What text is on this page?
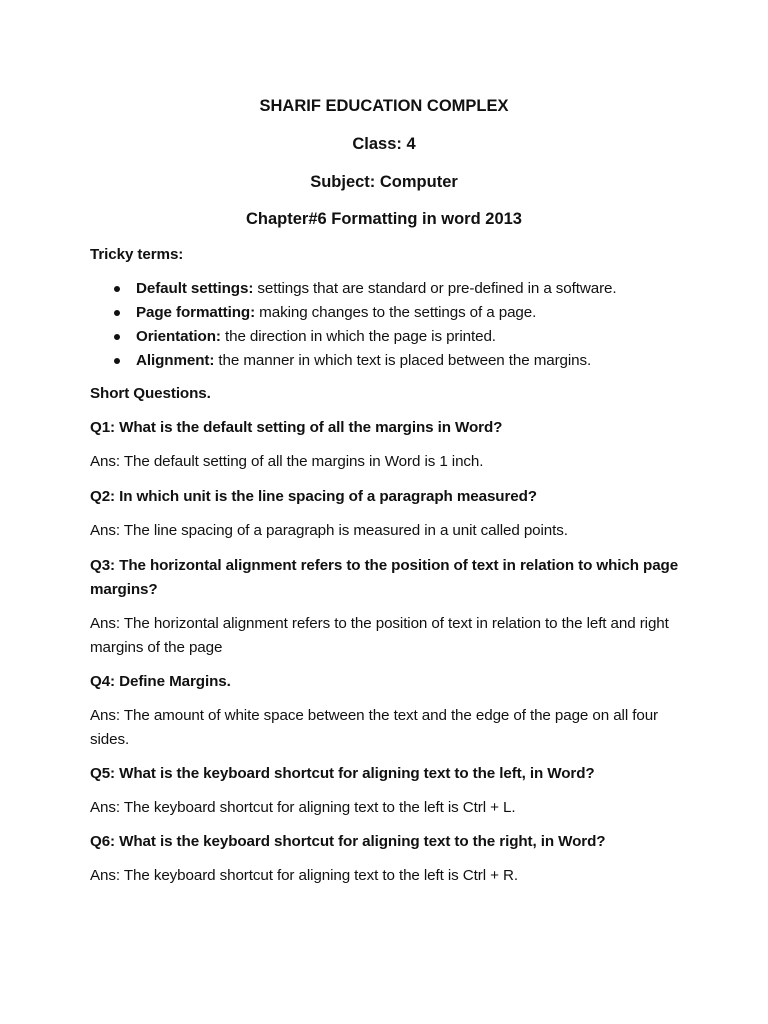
SHARIF EDUCATION COMPLEX
Class: 4
Subject: Computer
Chapter#6 Formatting in word 2013
Tricky terms:
Default settings: settings that are standard or pre-defined in a software.
Page formatting: making changes to the settings of a page.
Orientation: the direction in which the page is printed.
Alignment: the manner in which text is placed between the margins.
Short Questions.
Q1: What is the default setting of all the margins in Word?
Ans: The default setting of all the margins in Word is 1 inch.
Q2: In which unit is the line spacing of a paragraph measured?
Ans: The line spacing of a paragraph is measured in a unit called points.
Q3: The horizontal alignment refers to the position of text in relation to which page margins?
Ans: The horizontal alignment refers to the position of text in relation to the left and right margins of the page
Q4: Define Margins.
Ans: The amount of white space between the text and the edge of the page on all four sides.
Q5: What is the keyboard shortcut for aligning text to the left, in Word?
Ans: The keyboard shortcut for aligning text to the left is Ctrl + L.
Q6: What is the keyboard shortcut for aligning text to the right, in Word?
Ans: The keyboard shortcut for aligning text to the left is Ctrl + R.
